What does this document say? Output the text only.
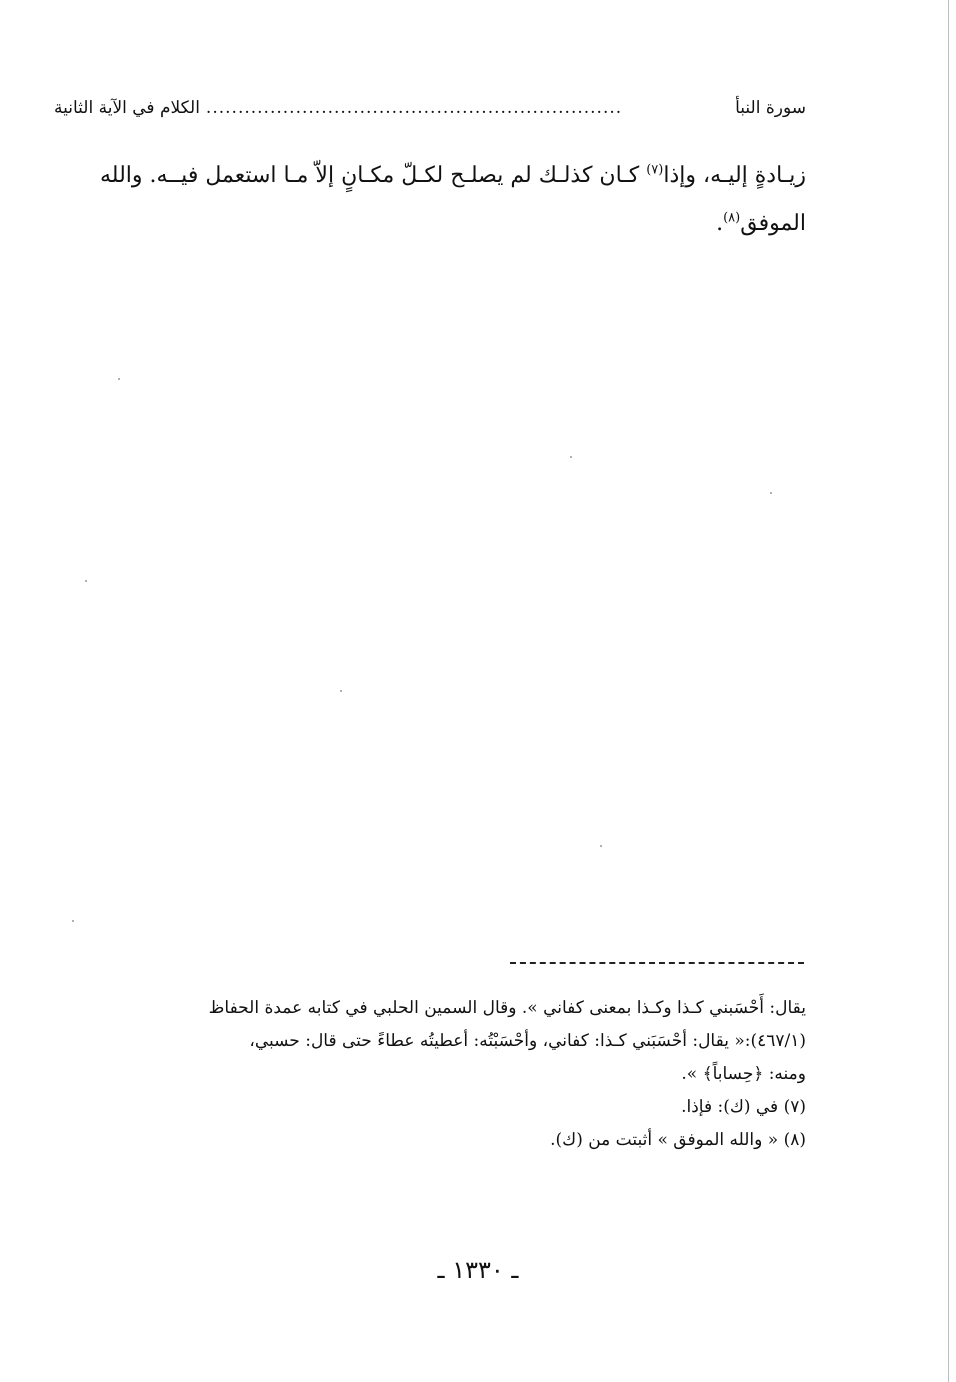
سورة النبأ
.................................................................
الكلام في الآية الثانية

زيـادةٍ إليـه، وإذا$^{(٧)}$ كـان كذلـك لم يصلـح لكـلّ مكـانٍ إلاّ مـا استعمل فيــه. والله

الموفق$^{(٨)}$.

يقال: أَحْسَبني كـذا وكـذا بمعنى كفاني ». وقال السمين الحلبي في كتابه عمدة الحفاظ

(٤٦٧/١):« يقال: أحْسَبَني كـذا: كفاني، وأحْسَبْتُه: أعطيتُه عطاءً حتى قال: حسبي،

ومنه: ﴿حِساباً﴾ ».

(٧) في (ك): فإذا.

(٨) « والله الموفق » أثبتت من (ك).

ـ ١٣٣٠ ـ
